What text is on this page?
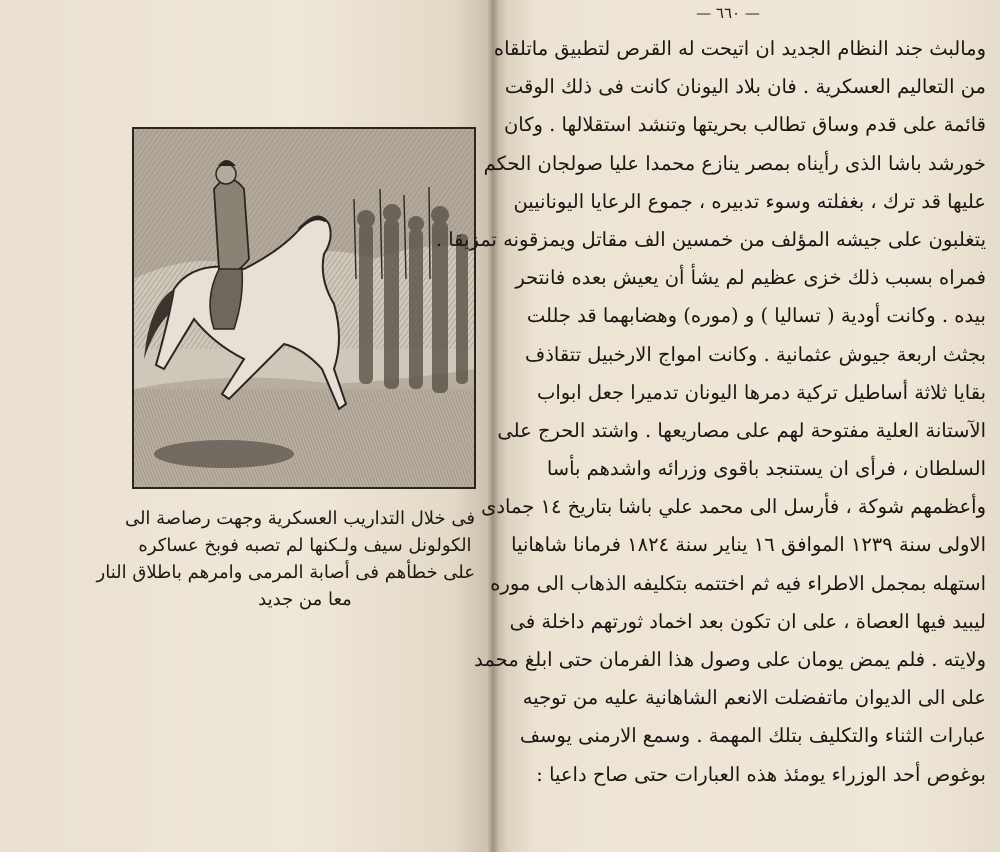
فى خلال التداريب العسكرية وجهت رصاصة الى
الكولونل سيف ولـكنها لم تصبه فوبخ عساكره
على خطأهم فى أصابة المرمى وامرهم باطلاق النار
معا من جديد
— ٦٦٠ —
ومالبث جند النظام الجديد ان اتيحت له القرص لتطبيق ماتلقاه
من التعاليم العسكرية . فان بلاد اليونان كانت فى ذلك الوقت
قائمة على قدم وساق تطالب بحريتها وتنشد استقلالها . وكان
خورشد باشا الذى رأيناه بمصر ينازع محمدا عليا صولجان الحكم
عليها قد ترك ، بغفلته وسوء تدبيره ، جموع الرعايا اليونانيين
يتغلبون على جيشه المؤلف من خمسين الف مقاتل ويمزقونه تمزيقا .
فمراه بسبب ذلك خزى عظيم لم يشأ أن يعيش بعده فانتحر
بيده . وكانت أودية ( تساليا ) و (موره) وهضابهما قد جللت
بجثث اربعة جيوش عثمانية . وكانت امواج الارخبيل تتقاذف
بقايا ثلاثة أساطيل تركية دمرها اليونان تدميرا جعل ابواب
الآستانة العلية مفتوحة لهم على مصاريعها . واشتد الحرج على
السلطان ، فرأى ان يستنجد باقوى وزرائه واشدهم بأسا
وأعظمهم شوكة ، فأرسل الى محمد علي باشا بتاريخ ١٤ جمادى
الاولى سنة ١٢٣٩ الموافق ١٦ يناير سنة ١٨٢٤ فرمانا شاهانيا
استهله بمجمل الاطراء فيه ثم اختتمه بتكليفه الذهاب الى موره
ليبيد فيها العصاة ، على ان تكون بعد اخماد ثورتهم داخلة فى
ولايته . فلم يمض يومان على وصول هذا الفرمان حتى ابلغ محمد
على الى الديوان ماتفضلت الانعم الشاهانية عليه من توجيه
عبارات الثناء والتكليف بتلك المهمة . وسمع الارمنى يوسف
بوغوص أحد الوزراء يومئذ هذه العبارات حتى صاح داعيا :
